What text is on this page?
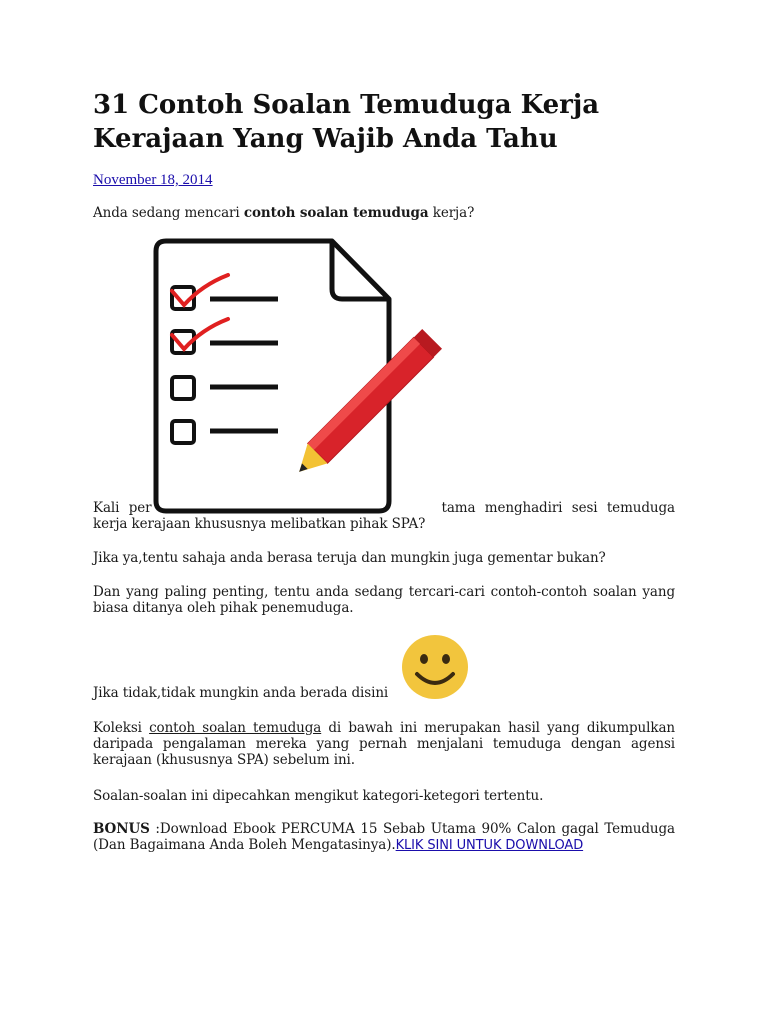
31 Contoh Soalan Temuduga Kerja
Kerajaan Yang Wajib Anda Tahu
November 18, 2014

Anda sedang mencari contoh soalan temuduga kerja?

Kali per	tama menghadiri sesi temuduga kerja kerajaan khususnya melibatkan pihak SPA?

Jika ya,tentu sahaja anda berasa teruja dan mungkin juga gementar bukan?

Dan yang paling penting, tentu anda sedang tercari-cari contoh-contoh soalan yang biasa ditanya oleh pihak penemuduga.

Jika tidak,tidak mungkin anda berada disini

Koleksi contoh soalan temuduga di bawah ini merupakan hasil yang dikumpulkan daripada pengalaman mereka yang pernah menjalani temuduga dengan agensi kerajaan (khususnya SPA) sebelum ini.

Soalan-soalan ini dipecahkan mengikut kategori-ketegori tertentu.

BONUS :Download Ebook PERCUMA 15 Sebab Utama 90% Calon gagal Temuduga (Dan Bagaimana Anda Boleh Mengatasinya).KLIK SINI UNTUK DOWNLOAD
